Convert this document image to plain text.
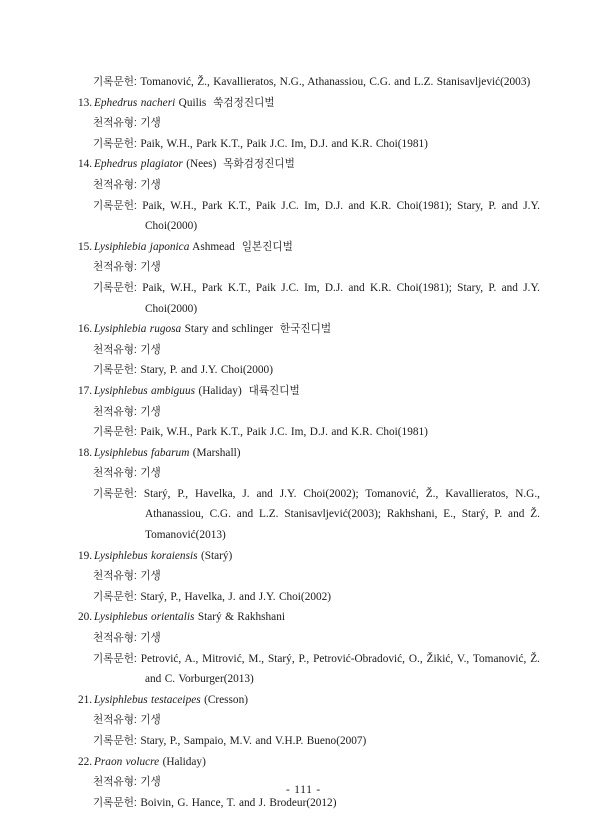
기록문헌: Tomanović, Ž., Kavallieratos, N.G., Athanassiou, C.G. and L.Z. Stanisavljević(2003)
13. Ephedrus nacheri Quilis 쑥검정진디벌
천적유형: 기생
기록문헌: Paik, W.H., Park K.T., Paik J.C. Im, D.J. and K.R. Choi(1981)
14. Ephedrus plagiator (Nees) 목화검정진디벌
천적유형: 기생
기록문헌: Paik, W.H., Park K.T., Paik J.C. Im, D.J. and K.R. Choi(1981); Stary, P. and J.Y. Choi(2000)
15. Lysiphlebia japonica Ashmead 일본진디벌
천적유형: 기생
기록문헌: Paik, W.H., Park K.T., Paik J.C. Im, D.J. and K.R. Choi(1981); Stary, P. and J.Y. Choi(2000)
16. Lysiphlebia rugosa Stary and schlinger 한국진디벌
천적유형: 기생
기록문헌: Stary, P. and J.Y. Choi(2000)
17. Lysiphlebus ambiguus (Haliday) 대륙진디벌
천적유형: 기생
기록문헌: Paik, W.H., Park K.T., Paik J.C. Im, D.J. and K.R. Choi(1981)
18. Lysiphlebus fabarum (Marshall)
천적유형: 기생
기록문헌: Starý, P., Havelka, J. and J.Y. Choi(2002); Tomanović, Ž., Kavallieratos, N.G., Athanassiou, C.G. and L.Z. Stanisavljević(2003); Rakhshani, E., Starý, P. and Ž. Tomanović(2013)
19. Lysiphlebus koraiensis (Starý)
천적유형: 기생
기록문헌: Starý, P., Havelka, J. and J.Y. Choi(2002)
20. Lysiphlebus orientalis Starý & Rakhshani
천적유형: 기생
기록문헌: Petrović, A., Mitrović, M., Starý, P., Petrović-Obradović, O., Žikić, V., Tomanović, Ž. and C. Vorburger(2013)
21. Lysiphlebus testaceipes (Cresson)
천적유형: 기생
기록문헌: Stary, P., Sampaio, M.V. and V.H.P. Bueno(2007)
22. Praon volucre (Haliday)
천적유형: 기생
기록문헌: Boivin, G. Hance, T. and J. Brodeur(2012)
- 111 -
